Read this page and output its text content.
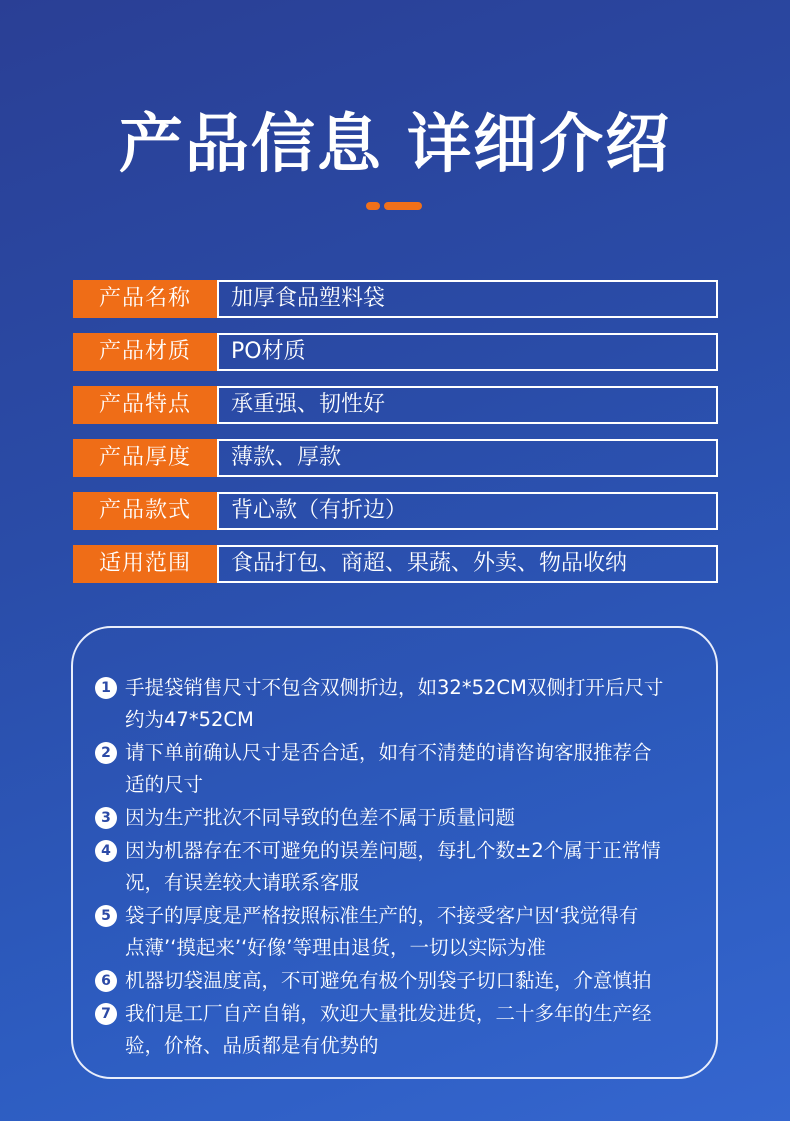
产品信息 详细介绍
产品名称	加厚食品塑料袋
产品材质	PO材质
产品特点	承重强、韧性好
产品厚度	薄款、厚款
产品款式	背心款（有折边）
适用范围	食品打包、商超、果蔬、外卖、物品收纳
1 手提袋销售尺寸不包含双侧折边，如32*52CM双侧打开后尺寸
约为47*52CM
2 请下单前确认尺寸是否合适，如有不清楚的请咨询客服推荐合
适的尺寸
3 因为生产批次不同导致的色差不属于质量问题
4 因为机器存在不可避免的误差问题，每扎个数±2个属于正常情
况，有误差较大请联系客服
5 袋子的厚度是严格按照标准生产的，不接受客户因‘我觉得有
点薄’‘摸起来’‘好像’等理由退货，一切以实际为准
6 机器切袋温度高，不可避免有极个别袋子切口黏连，介意慎拍
7 我们是工厂自产自销，欢迎大量批发进货，二十多年的生产经
验，价格、品质都是有优势的
